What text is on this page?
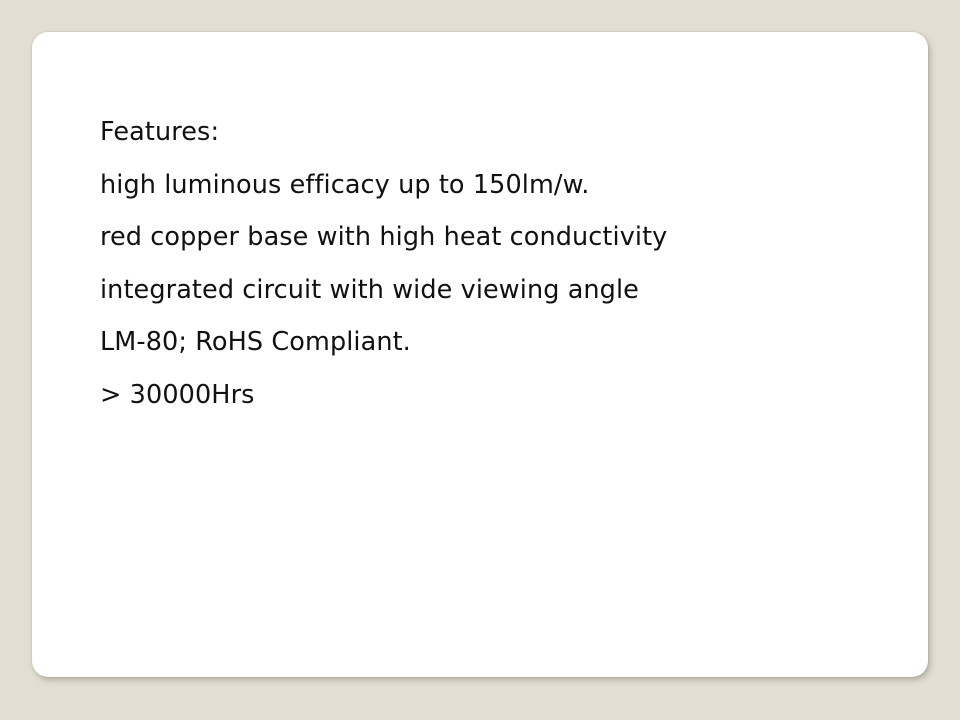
Features:
high luminous efficacy up to 150lm/w.
red copper base with high heat conductivity
integrated circuit with wide viewing angle
LM-80; RoHS Compliant.
> 30000Hrs
